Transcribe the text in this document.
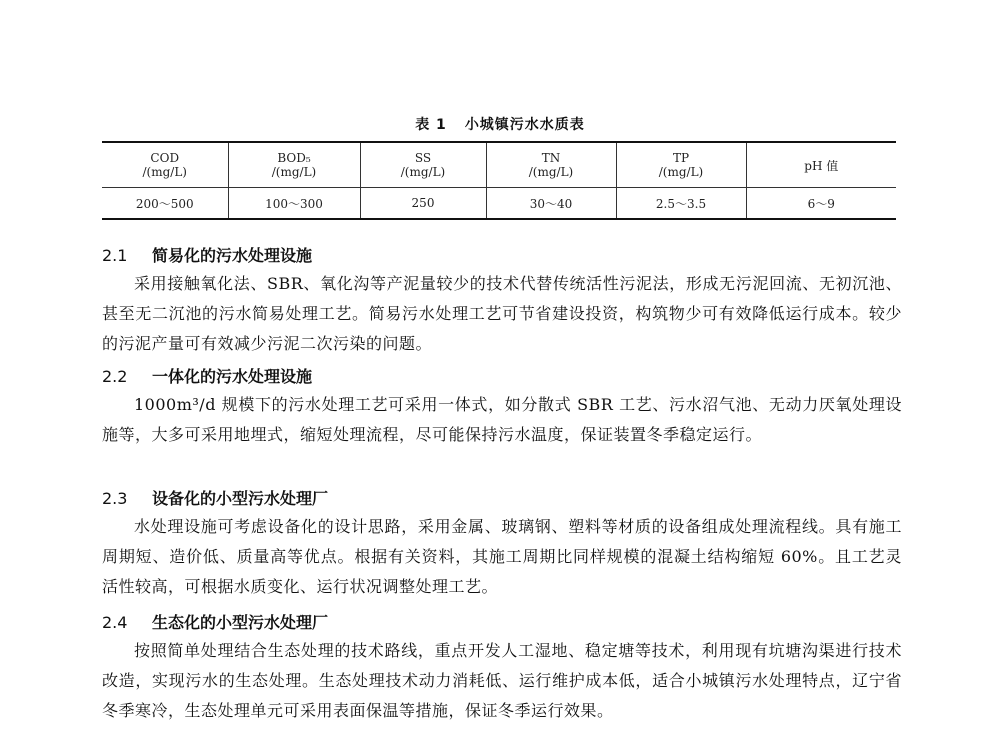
表 1 小城镇污水水质表
COD	BOD₅	SS	TN	TP	pH 值
/(mg/L)	/(mg/L)	/(mg/L)	/(mg/L)	/(mg/L)	
200～500	100～300	250	30～40	2.5～3.5	6～9
2.1 简易化的污水处理设施

采用接触氧化法、SBR、氧化沟等产泥量较少的技术代替传统活性污泥法，形成无污泥回流、无初沉池、甚至无二沉池的污水简易处理工艺。简易污水处理工艺可节省建设投资，构筑物少可有效降低运行成本。较少的污泥产量可有效减少污泥二次污染的问题。

2.2 一体化的污水处理设施

1000m³/d 规模下的污水处理工艺可采用一体式，如分散式 SBR 工艺、污水沼气池、无动力厌氧处理设施等，大多可采用地埋式，缩短处理流程，尽可能保持污水温度，保证装置冬季稳定运行。

2.3 设备化的小型污水处理厂

水处理设施可考虑设备化的设计思路，采用金属、玻璃钢、塑料等材质的设备组成处理流程线。具有施工周期短、造价低、质量高等优点。根据有关资料，其施工周期比同样规模的混凝土结构缩短 60%。且工艺灵活性较高，可根据水质变化、运行状况调整处理工艺。

2.4 生态化的小型污水处理厂

按照简单处理结合生态处理的技术路线，重点开发人工湿地、稳定塘等技术，利用现有坑塘沟渠进行技术改造，实现污水的生态处理。生态处理技术动力消耗低、运行维护成本低，适合小城镇污水处理特点，辽宁省冬季寒冷，生态处理单元可采用表面保温等措施，保证冬季运行效果。
